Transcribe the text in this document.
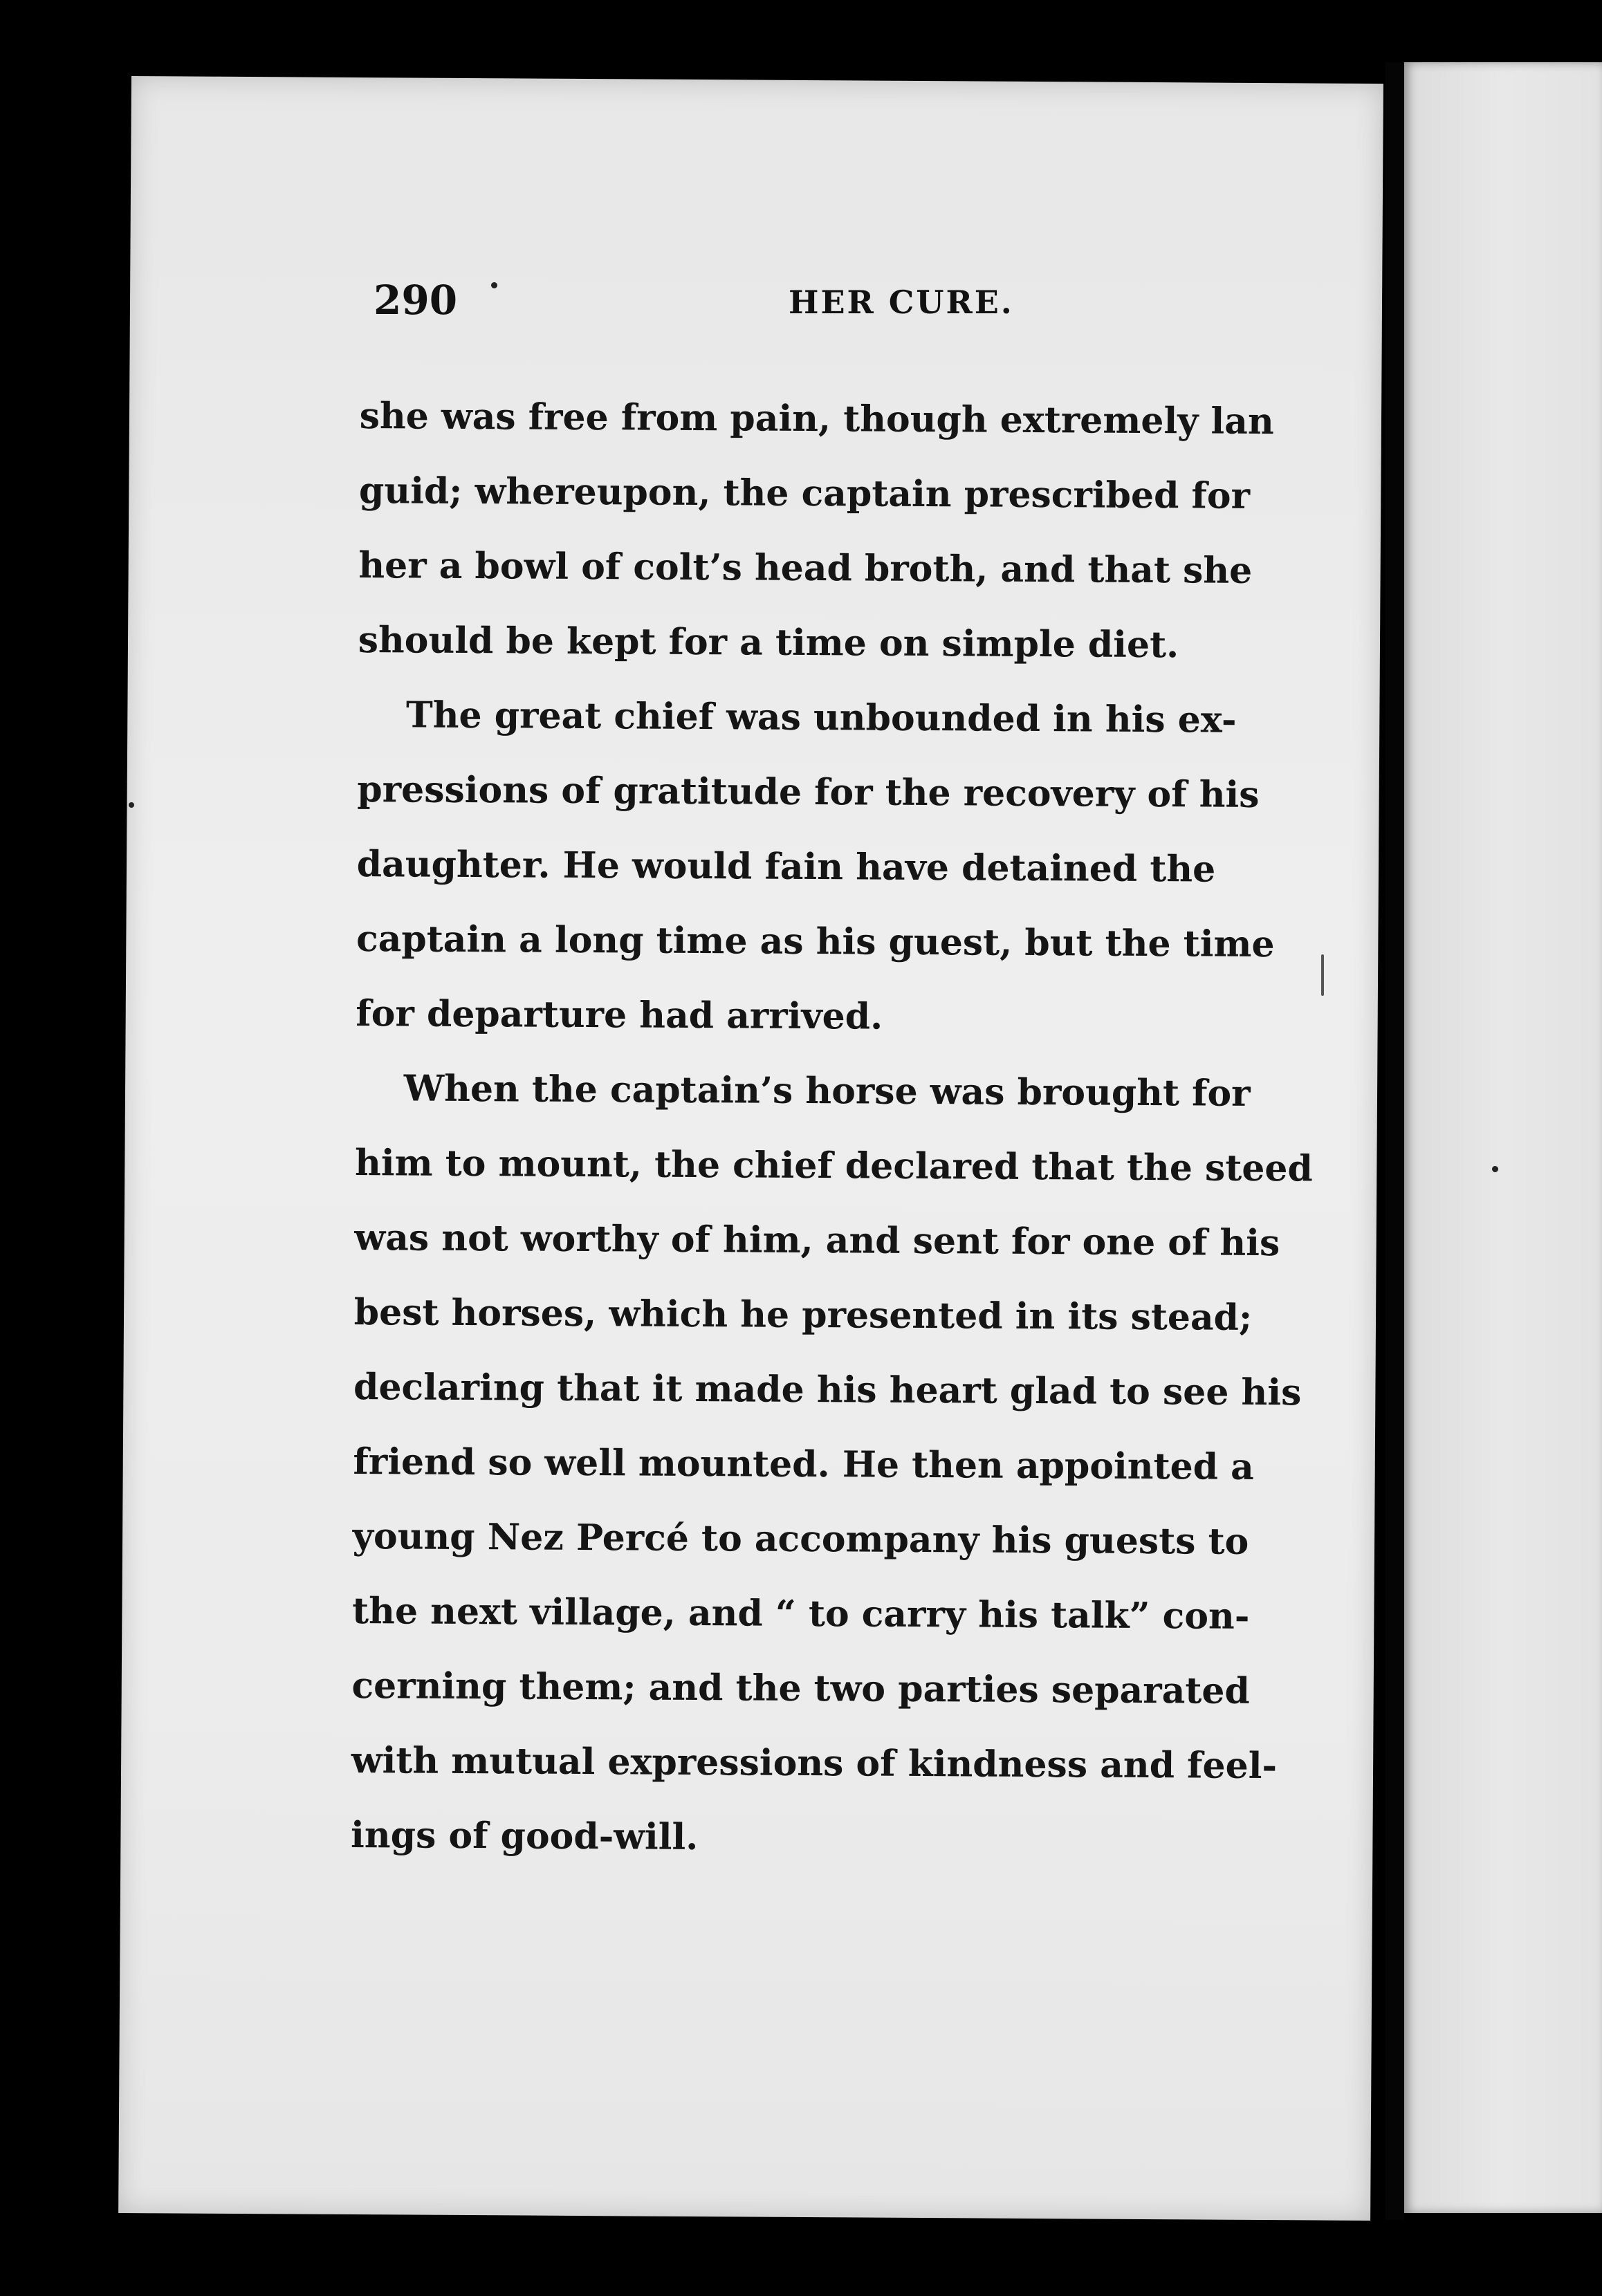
290	HER CURE.
she was free from pain, though extremely lan
guid; whereupon, the captain prescribed for
her a bowl of colt’s head broth, and that she
should be kept for a time on simple diet.
The great chief was unbounded in his ex-
pressions of gratitude for the recovery of his
daughter. He would fain have detained the
captain a long time as his guest, but the time
for departure had arrived.
When the captain’s horse was brought for
him to mount, the chief declared that the steed
was not worthy of him, and sent for one of his
best horses, which he presented in its stead;
declaring that it made his heart glad to see his
friend so well mounted. He then appointed a
young Nez Percé to accompany his guests to
the next village, and “ to carry his talk” con-
cerning them; and the two parties separated
with mutual expressions of kindness and feel-
ings of good-will.
